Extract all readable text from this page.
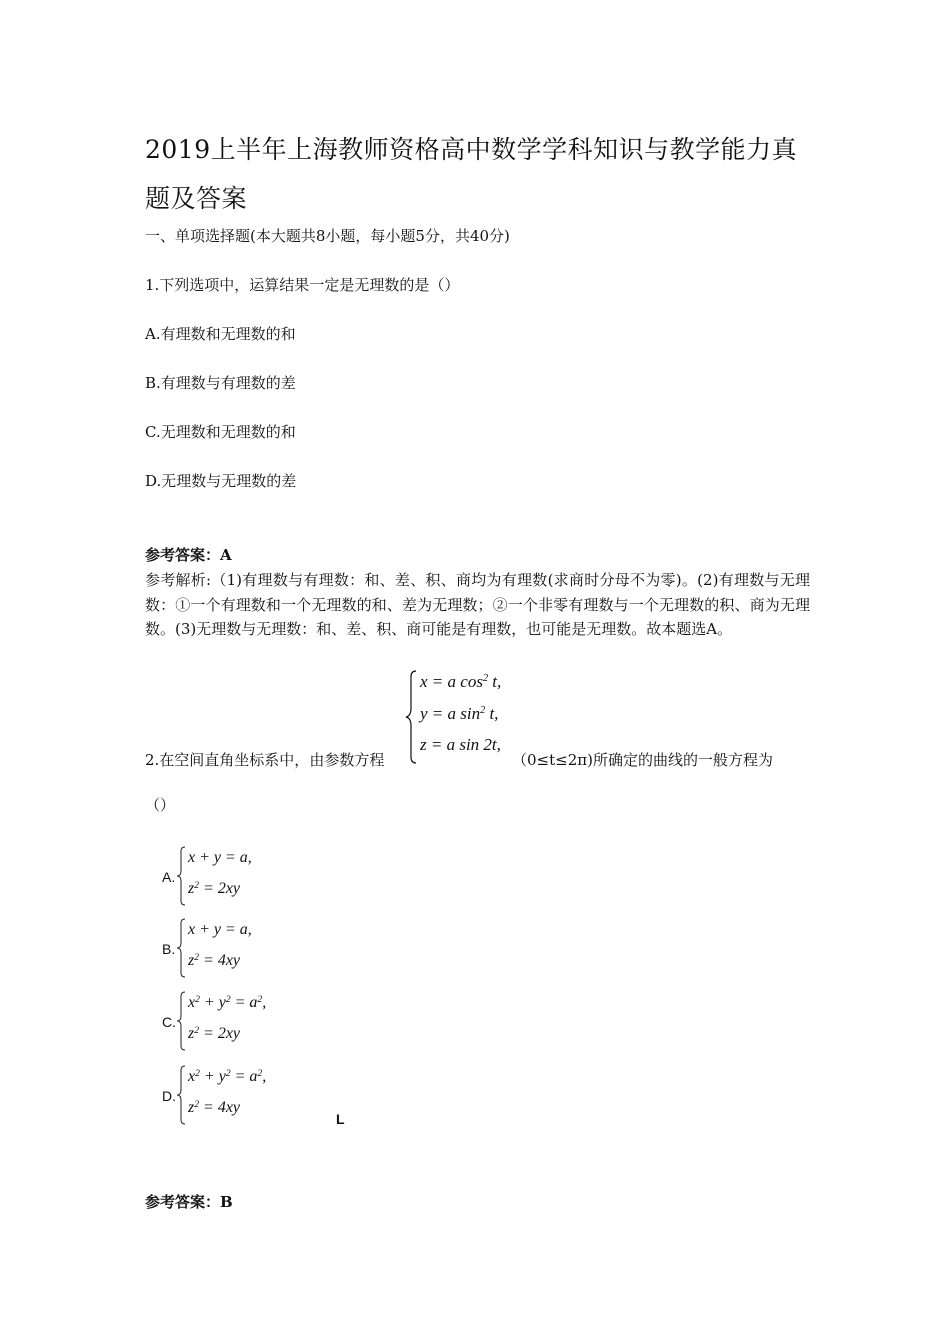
2019上半年上海教师资格高中数学学科知识与教学能力真
题及答案
一、单项选择题(本大题共8小题，每小题5分，共40分)
1.下列选项中，运算结果一定是无理数的是（）
A.有理数和无理数的和
B.有理数与有理数的差
C.无理数和无理数的和
D.无理数与无理数的差
参考答案：A
参考解析:（1)有理数与有理数：和、差、积、商均为有理数(求商时分母不为零)。(2)有理数与无理数：①一个有理数和一个无理数的和、差为无理数；②一个非零有理数与一个无理数的积、商为无理数。(3)无理数与无理数：和、差、积、商可能是有理数，也可能是无理数。故本题选A。
x = a $\cos^2 t$,
y = a $\sin^2 t$,
z = a sin 2t,
2.在空间直角坐标系中，由参数方程	（0≤t≤2π)所确定的曲线的一般方程为
（）
A.
x + y = a,
$z^2 = 2xy$
B.
x + y = a,
$z^2 = 4xy$
C.
$x^2 + y^2 = a^2$,
$z^2 = 2xy$
D.
$x^2 + y^2 = a^2$,
$z^2 = 4xy$
L
参考答案：B
